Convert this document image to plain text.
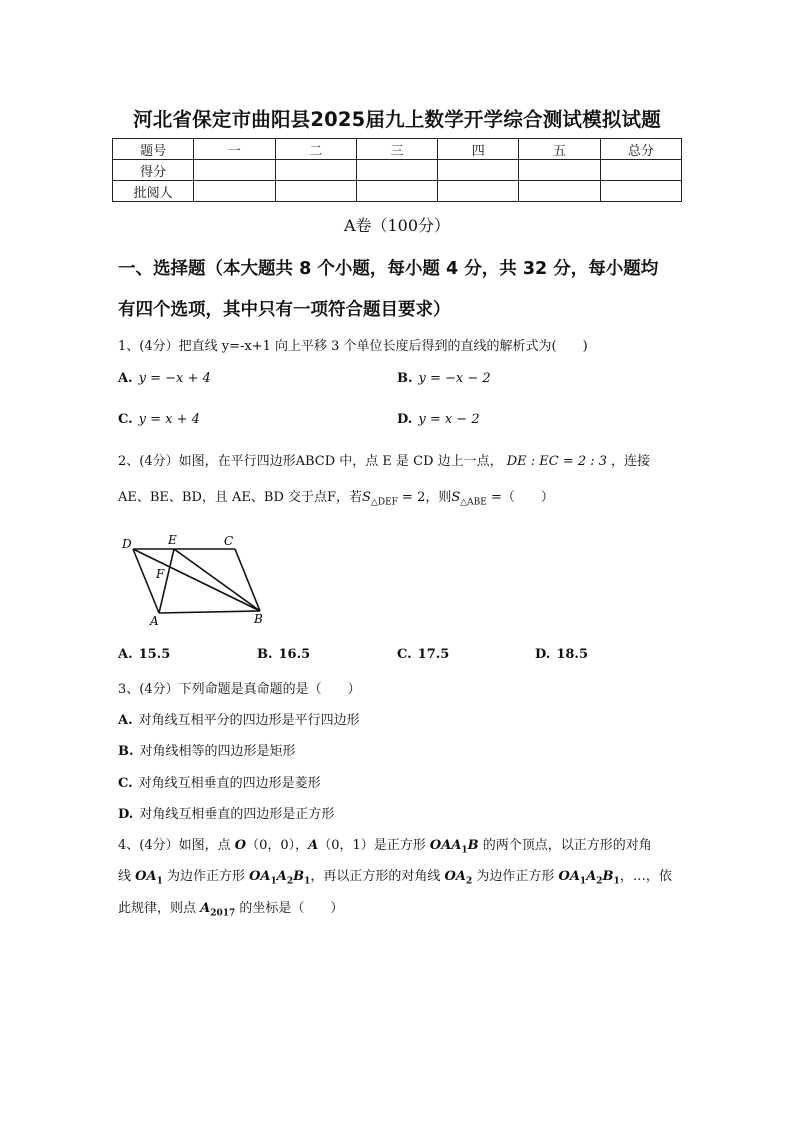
河北省保定市曲阳县2025届九上数学开学综合测试模拟试题
题号	一	二	三	四	五	总分
得分						
批阅人						
A卷（100分）
一、选择题（本大题共 8 个小题，每小题 4 分，共 32 分，每小题均
有四个选项，其中只有一项符合题目要求）
1、(4分）把直线 y=-x+1 向上平移 3 个单位长度后得到的直线的解析式为( )
A. y = −x + 4	B. y = −x − 2
C. y = x + 4	D. y = x − 2
2、(4分）如图，在平行四边形ABCD 中，点 E 是 CD 边上一点， DE : EC = 2 : 3 ，连接
AE、BE、BD，且 AE、BD 交于点F，若$S_{\triangle DEF} = 2$，则$S_{\triangle ABE}$ =（　　）
D	E	C
F
A	B
A. 15.5	B. 16.5	C. 17.5	D. 18.5
3、(4分）下列命题是真命题的是（　　）
A. 对角线互相平分的四边形是平行四边形
B. 对角线相等的四边形是矩形
C. 对角线互相垂直的四边形是菱形
D. 对角线互相垂直的四边形是正方形
4、(4分）如图，点 O（0，0），A（0，1）是正方形 $OAA_1B$ 的两个顶点，以正方形的对角
线 $OA_1$ 为边作正方形 $OA_1A_2B_1$，再以正方形的对角线 $OA_2$ 为边作正方形 $OA_1A_2B_1$，…，依
此规律，则点 $A_{2017}$ 的坐标是（　　）
